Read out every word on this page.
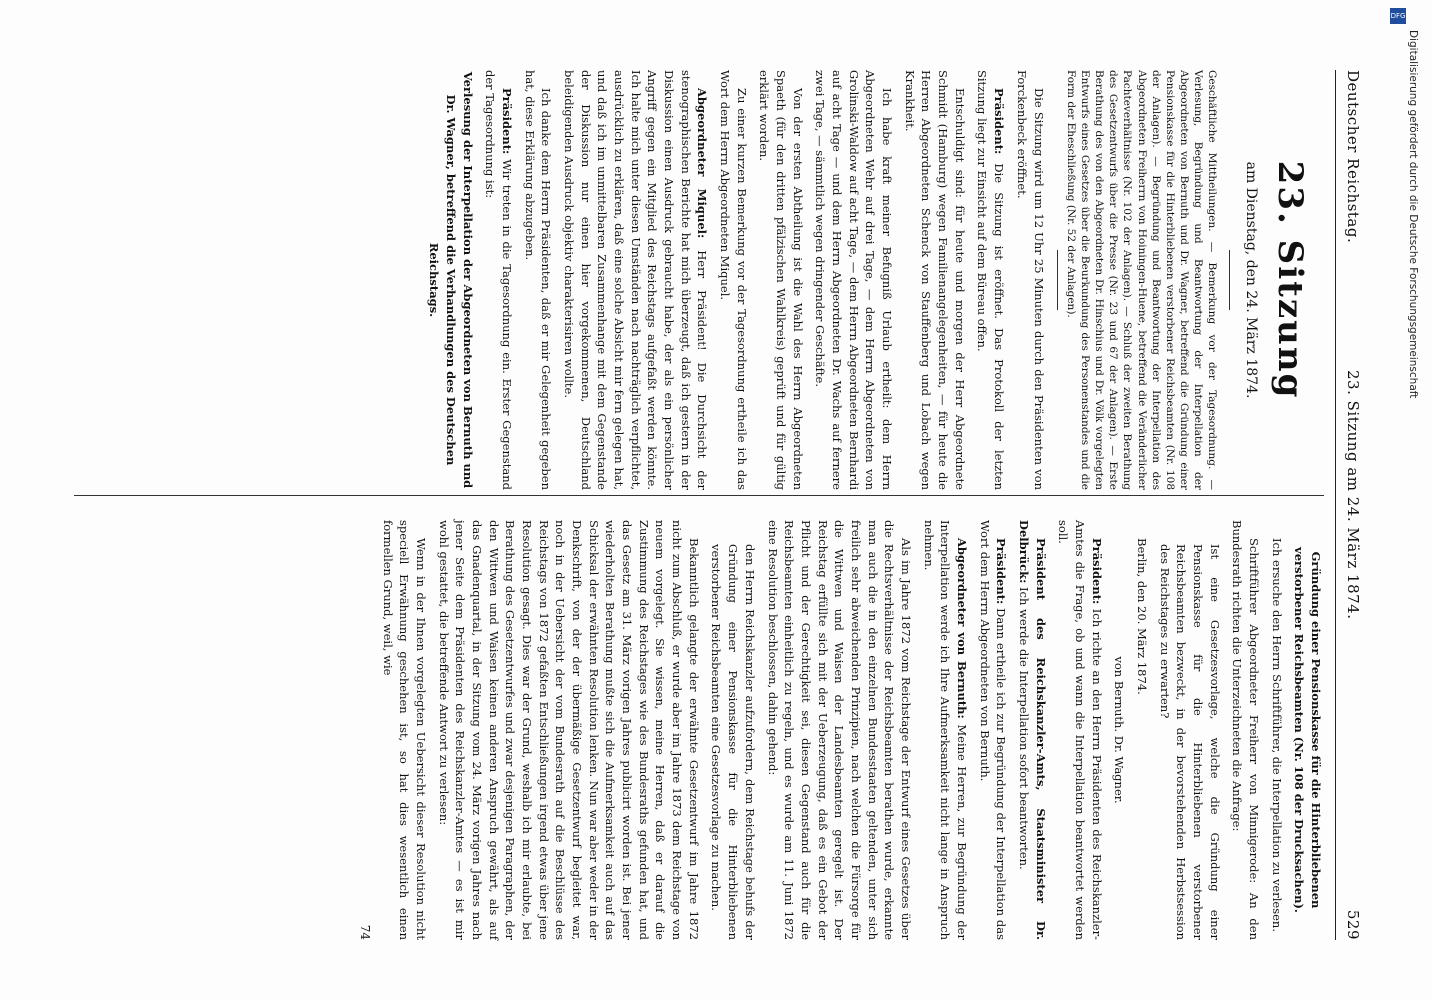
Deutscher Reichstag.
23. Sitzung am 24. März 1874.
529
23. Sitzung
am Dienstag, den 24. März 1874.

Geschäftliche Mittheilungen. — Bemerkung vor der Tagesordnung. — Verlesung, Begründung und Beantwortung der Interpellation der Abgeordneten von Bernuth und Dr. Wagner, betreffend die Gründung einer Pensionskasse für die Hinterbliebenen verstorbener Reichsbeamten (Nr. 108 der Anlagen). — Begründung und Beantwortung der Interpellation des Abgeordneten Freiherrn von Hoiningen-Huene, betreffend die Veränderlicher Pachteverhältnisse (Nr. 102 der Anlagen). — Schluß der zweiten Berathung des Gesetzentwurfs über die Presse (Nr. 23 und 67 der Anlagen). — Erste Berathung des von den Abgeordneten Dr. Hinschius und Dr. Völk vorgelegten Entwurfs eines Gesetzes über die Beurkundung des Personenstandes und die Form der Eheschließung (Nr. 52 der Anlagen).

Die Sitzung wird um 12 Uhr 25 Minuten durch den Präsidenten von Forckenbeck eröffnet.

Präsident: Die Sitzung ist eröffnet. Das Protokoll der letzten Sitzung liegt zur Einsicht auf dem Büreau offen.

Entschuldigt sind: für heute und morgen der Herr Abgeordnete Schmidt (Hamburg) wegen Familienangelegenheiten, — für heute die Herren Abgeordneten Schenck von Stauffenberg und Lobach wegen Krankheit.

Ich habe kraft meiner Befugniß Urlaub ertheilt: dem Herrn Abgeordneten Wehr auf drei Tage, — dem Herrn Abgeordneten von Grolinski-Waldow auf acht Tage, — dem Herrn Abgeordneten Bernhardi auf acht Tage — und dem Herrn Abgeordneten Dr. Wachs auf fernere zwei Tage, — sämmtlich wegen dringender Geschäfte.

Von der ersten Abtheilung ist die Wahl des Herrn Abgeordneten Spaeth (für den dritten pfälzischen Wahlkreis) geprüft und für gültig erklärt worden.

Zu einer kurzen Bemerkung vor der Tagesordnung ertheile ich das Wort dem Herrn Abgeordneten Miquel.

Abgeordneter Miquel: Herr Präsident! Die Durchsicht der stenographischen Berichte hat mich überzeugt, daß ich gestern in der Diskussion einen Ausdruck gebraucht habe, der als ein persönlicher Angriff gegen ein Mitglied des Reichstags aufgefaßt werden könnte. Ich halte mich unter diesen Umständen nach nachträglich verpflichtet, ausdrücklich zu erklären, daß eine solche Absicht mir fern gelegen hat, und daß ich im unmittelbaren Zusammenhange mit dem Gegenstande der Diskussion nur einen hier vorgekommenen, Deutschland beleidigenden Ausdruck objektiv charakterisiren wollte.

Ich danke dem Herrn Präsidenten, daß er mir Gelegenheit gegeben hat, diese Erklärung abzugeben.

Präsident: Wir treten in die Tagesordnung ein. Erster Gegenstand der Tagesordnung ist:

Verlesung der Interpellation der Abgeordneten von Bernuth und Dr. Wagner, betreffend die Verhandlungen des Deutschen Reichstags.

Gründung einer Pensionskasse für die Hinterbliebenen verstorbener Reichsbeamten (Nr. 108 der Drucksachen).

Ich ersuche den Herrn Schriftführer, die Interpellation zu verlesen.

Schriftführer Abgeordneter Freiherr von Minnigerode: An den Bundesrath richten die Unterzeichneten die Anfrage:

Ist eine Gesetzesvorlage, welche die Gründung einer Pensionskasse für die Hinterbliebenen verstorbener Reichsbeamten bezweckt, in der bevorstehenden Herbstsession des Reichstages zu erwarten?

Berlin, den 20. März 1874.

von Bernuth. Dr. Wagner.

Präsident: Ich richte an den Herrn Präsidenten des Reichskanzler-Amtes die Frage, ob und wann die Interpellation beantwortet werden soll.

Präsident des Reichskanzler-Amts, Staatsminister Dr. Delbrück: Ich werde die Interpellation sofort beantworten.

Präsident: Dann ertheile ich zur Begründung der Interpellation das Wort dem Herrn Abgeordneten von Bernuth.

Abgeordneter von Bernuth: Meine Herren, zur Begründung der Interpellation werde ich Ihre Aufmerksamkeit nicht lange in Anspruch nehmen.

Als im Jahre 1872 vom Reichstage der Entwurf eines Gesetzes über die Rechtsverhältnisse der Reichsbeamten berathen wurde, erkannte man auch die in den einzelnen Bundesstaaten geltenden, unter sich freilich sehr abweichenden Prinzipien, nach welchen die Fürsorge für die Wittwen und Waisen der Landesbeamten geregelt ist. Der Reichstag erfüllte sich mit der Ueberzeugung, daß es ein Gebot der Pflicht und der Gerechtigkeit sei, diesen Gegenstand auch für die Reichsbeamten einheitlich zu regeln, und es wurde am 11. Juni 1872 eine Resolution beschlossen, dahin gehend:

den Herrn Reichskanzler aufzufordern, dem Reichstage behufs der Gründung einer Pensionskasse für die Hinterbliebenen verstorbener Reichsbeamten eine Gesetzesvorlage zu machen.

Bekanntlich gelangte der erwähnte Gesetzentwurf im Jahre 1872 nicht zum Abschluß, er wurde aber im Jahre 1873 dem Reichstage von neuem vorgelegt. Sie wissen, meine Herren, daß er darauf die Zustimmung des Reichstages wie des Bundesraths gefunden hat, und das Gesetz am 31. März vorigen Jahres publicirt worden ist. Bei jener wiederholten Berathung mußte sich die Aufmerksamkeit auch auf das Schicksal der erwähnten Resolution lenken. Nun war aber weder in der Denkschrift, von der der übermäßige Gesetzentwurf begleitet war, noch in der Uebersicht der vom Bundesrath auf die Beschlüsse des Reichstags von 1872 gefaßten Entschließungen irgend etwas über jene Resolution gesagt. Dies war der Grund, weshalb ich mir erlaubte, bei Berathung des Gesetzentwurfes und zwar desjenigen Paragraphen, der den Wittwen und Waisen keinen anderen Anspruch gewährt, als auf das Gnadenquartal, in der Sitzung vom 24. März vorigen Jahres nach jener Seite dem Präsidenten des Reichskanzler-Amtes — es ist mir wohl gestattet, die betreffende Antwort zu verlesen:

Wenn in der Ihnen vorgelegten Uebersicht dieser Resolution nicht speciell Erwähnung geschehen ist, so hat dies wesentlich einen formellen Grund, weil, wie

74
DFG
Digitalisierung gefördert durch die Deutsche Forschungsgemeinschaft
